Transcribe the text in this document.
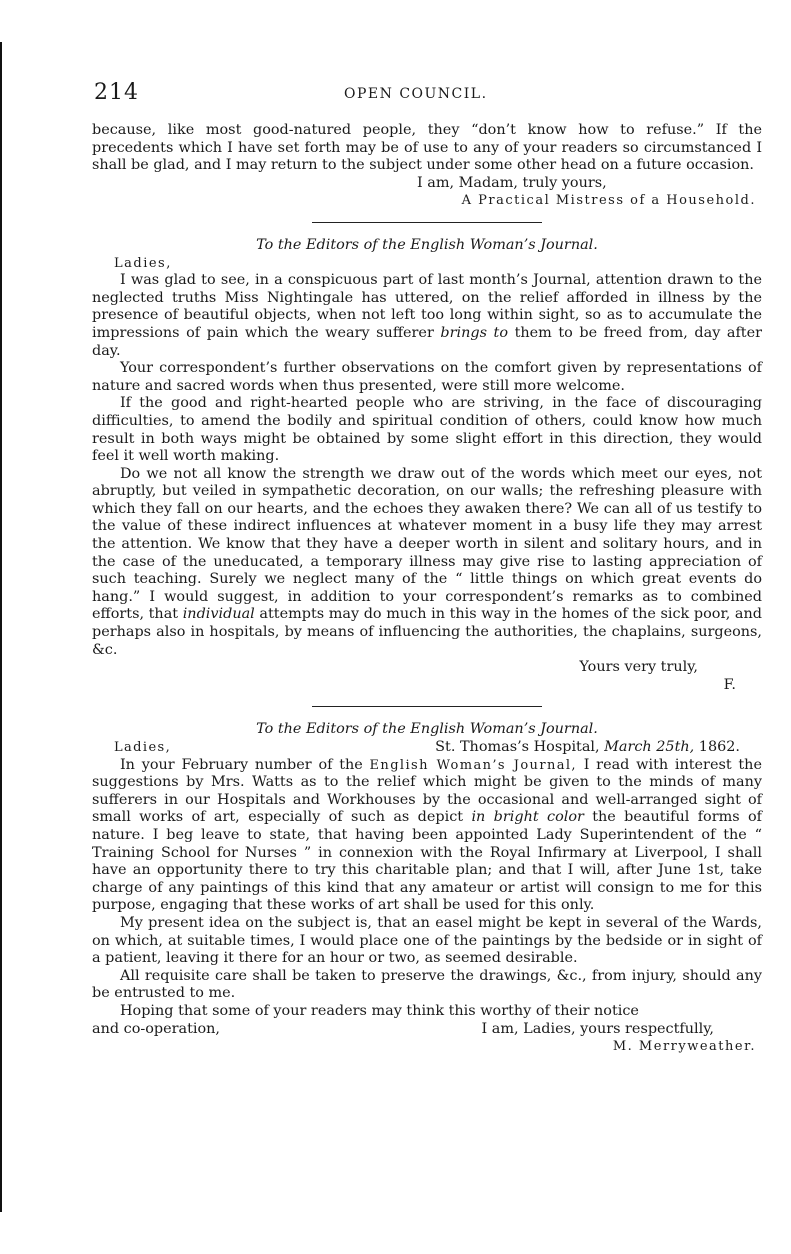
214	OPEN COUNCIL.

because, like most good-natured people, they “don’t know how to refuse.” If the precedents which I have set forth may be of use to any of your readers so circumstanced I shall be glad, and I may return to the subject under some other head on a future occasion.

I am, Madam, truly yours,

A Practical Mistress of a Household.

To the Editors of the English Woman’s Journal.

Ladies,

I was glad to see, in a conspicuous part of last month’s Journal, attention drawn to the neglected truths Miss Nightingale has uttered, on the relief afforded in illness by the presence of beautiful objects, when not left too long within sight, so as to accumulate the impressions of pain which the weary sufferer brings to them to be freed from, day after day.

Your correspondent’s further observations on the comfort given by representations of nature and sacred words when thus presented, were still more welcome.

If the good and right-hearted people who are striving, in the face of discouraging difficulties, to amend the bodily and spiritual condition of others, could know how much result in both ways might be obtained by some slight effort in this direction, they would feel it well worth making.

Do we not all know the strength we draw out of the words which meet our eyes, not abruptly, but veiled in sympathetic decoration, on our walls; the refreshing pleasure with which they fall on our hearts, and the echoes they awaken there? We can all of us testify to the value of these indirect influences at whatever moment in a busy life they may arrest the attention. We know that they have a deeper worth in silent and solitary hours, and in the case of the uneducated, a temporary illness may give rise to lasting appreciation of such teaching. Surely we neglect many of the “ little things on which great events do hang.” I would suggest, in addition to your correspondent’s remarks as to combined efforts, that individual attempts may do much in this way in the homes of the sick poor, and perhaps also in hospitals, by means of influencing the authorities, the chaplains, surgeons, &c.

Yours very truly,

F.

To the Editors of the English Woman’s Journal.

Ladies,	St. Thomas’s Hospital, March 25th, 1862.

In your February number of the English Woman’s Journal, I read with interest the suggestions by Mrs. Watts as to the relief which might be given to the minds of many sufferers in our Hospitals and Workhouses by the occasional and well-arranged sight of small works of art, especially of such as depict in bright color the beautiful forms of nature. I beg leave to state, that having been appointed Lady Superintendent of the “ Training School for Nurses ” in connexion with the Royal Infirmary at Liverpool, I shall have an opportunity there to try this charitable plan; and that I will, after June 1st, take charge of any paintings of this kind that any amateur or artist will consign to me for this purpose, engaging that these works of art shall be used for this only.

My present idea on the subject is, that an easel might be kept in several of the Wards, on which, at suitable times, I would place one of the paintings by the bedside or in sight of a patient, leaving it there for an hour or two, as seemed desirable.

All requisite care shall be taken to preserve the drawings, &c., from injury, should any be entrusted to me.

Hoping that some of your readers may think this worthy of their notice

and co-operation,	I am, Ladies, yours respectfully,

M. Merryweather.
